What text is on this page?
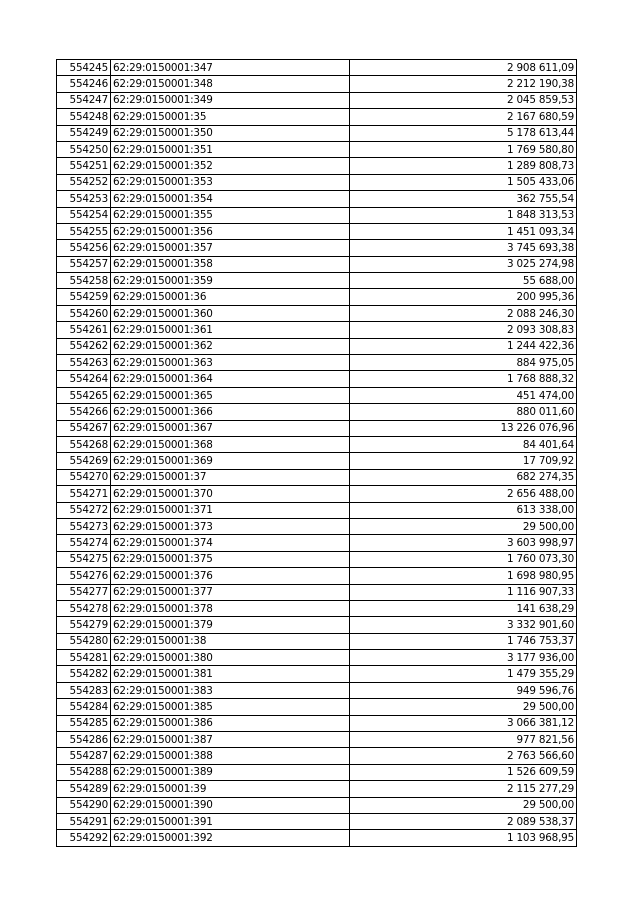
554245	62:29:0150001:347	2 908 611,09
554246	62:29:0150001:348	2 212 190,38
554247	62:29:0150001:349	2 045 859,53
554248	62:29:0150001:35	2 167 680,59
554249	62:29:0150001:350	5 178 613,44
554250	62:29:0150001:351	1 769 580,80
554251	62:29:0150001:352	1 289 808,73
554252	62:29:0150001:353	1 505 433,06
554253	62:29:0150001:354	362 755,54
554254	62:29:0150001:355	1 848 313,53
554255	62:29:0150001:356	1 451 093,34
554256	62:29:0150001:357	3 745 693,38
554257	62:29:0150001:358	3 025 274,98
554258	62:29:0150001:359	55 688,00
554259	62:29:0150001:36	200 995,36
554260	62:29:0150001:360	2 088 246,30
554261	62:29:0150001:361	2 093 308,83
554262	62:29:0150001:362	1 244 422,36
554263	62:29:0150001:363	884 975,05
554264	62:29:0150001:364	1 768 888,32
554265	62:29:0150001:365	451 474,00
554266	62:29:0150001:366	880 011,60
554267	62:29:0150001:367	13 226 076,96
554268	62:29:0150001:368	84 401,64
554269	62:29:0150001:369	17 709,92
554270	62:29:0150001:37	682 274,35
554271	62:29:0150001:370	2 656 488,00
554272	62:29:0150001:371	613 338,00
554273	62:29:0150001:373	29 500,00
554274	62:29:0150001:374	3 603 998,97
554275	62:29:0150001:375	1 760 073,30
554276	62:29:0150001:376	1 698 980,95
554277	62:29:0150001:377	1 116 907,33
554278	62:29:0150001:378	141 638,29
554279	62:29:0150001:379	3 332 901,60
554280	62:29:0150001:38	1 746 753,37
554281	62:29:0150001:380	3 177 936,00
554282	62:29:0150001:381	1 479 355,29
554283	62:29:0150001:383	949 596,76
554284	62:29:0150001:385	29 500,00
554285	62:29:0150001:386	3 066 381,12
554286	62:29:0150001:387	977 821,56
554287	62:29:0150001:388	2 763 566,60
554288	62:29:0150001:389	1 526 609,59
554289	62:29:0150001:39	2 115 277,29
554290	62:29:0150001:390	29 500,00
554291	62:29:0150001:391	2 089 538,37
554292	62:29:0150001:392	1 103 968,95
